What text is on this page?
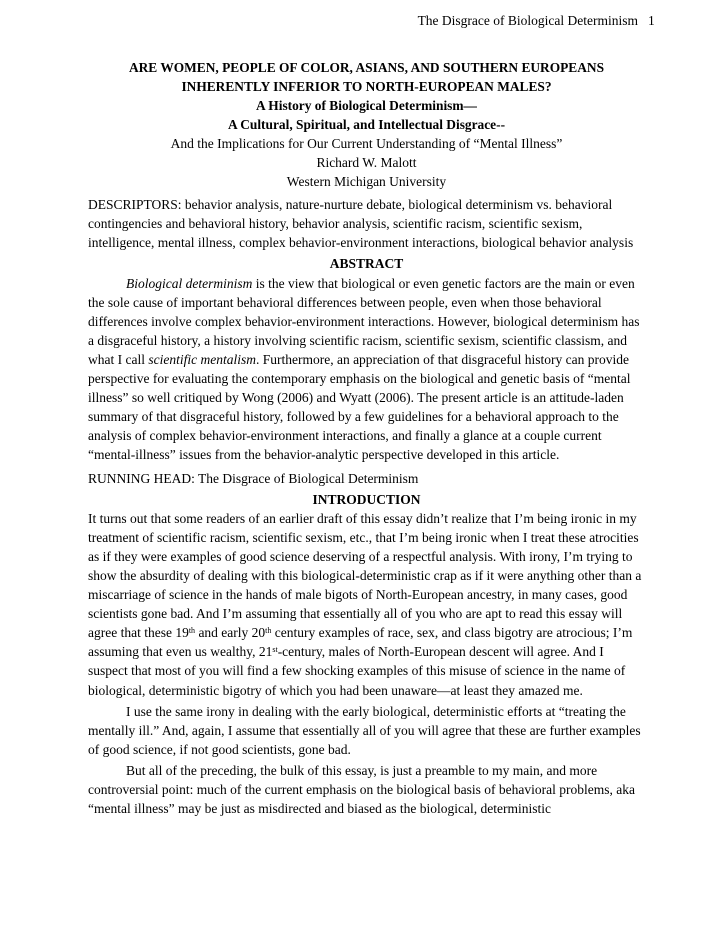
The Disgrace of Biological Determinism 1

ARE WOMEN, PEOPLE OF COLOR, ASIANS, AND SOUTHERN EUROPEANS

INHERENTLY INFERIOR TO NORTH-EUROPEAN MALES?

A History of Biological Determinism—

A Cultural, Spiritual, and Intellectual Disgrace--

And the Implications for Our Current Understanding of “Mental Illness”

Richard W. Malott

Western Michigan University

DESCRIPTORS: behavior analysis, nature-nurture debate, biological determinism vs. behavioral contingencies and behavioral history, behavior analysis, scientific racism, scientific sexism, intelligence, mental illness, complex behavior-environment interactions, biological behavior analysis

ABSTRACT

Biological determinism is the view that biological or even genetic factors are the main or even the sole cause of important behavioral differences between people, even when those behavioral differences involve complex behavior-environment interactions. However, biological determinism has a disgraceful history, a history involving scientific racism, scientific sexism, scientific classism, and what I call scientific mentalism. Furthermore, an appreciation of that disgraceful history can provide perspective for evaluating the contemporary emphasis on the biological and genetic basis of “mental illness” so well critiqued by Wong (2006) and Wyatt (2006). The present article is an attitude-laden summary of that disgraceful history, followed by a few guidelines for a behavioral approach to the analysis of complex behavior-environment interactions, and finally a glance at a couple current “mental-illness” issues from the behavior-analytic perspective developed in this article.

RUNNING HEAD: The Disgrace of Biological Determinism

INTRODUCTION

It turns out that some readers of an earlier draft of this essay didn’t realize that I’m being ironic in my treatment of scientific racism, scientific sexism, etc., that I’m being ironic when I treat these atrocities as if they were examples of good science deserving of a respectful analysis. With irony, I’m trying to show the absurdity of dealing with this biological-deterministic crap as if it were anything other than a miscarriage of science in the hands of male bigots of North-European ancestry, in many cases, good scientists gone bad. And I’m assuming that essentially all of you who are apt to read this essay will agree that these 19th and early 20th century examples of race, sex, and class bigotry are atrocious; I’m assuming that even us wealthy, 21st-century, males of North-European descent will agree. And I suspect that most of you will find a few shocking examples of this misuse of science in the name of biological, deterministic bigotry of which you had been unaware—at least they amazed me.

I use the same irony in dealing with the early biological, deterministic efforts at “treating the mentally ill.” And, again, I assume that essentially all of you will agree that these are further examples of good science, if not good scientists, gone bad.

But all of the preceding, the bulk of this essay, is just a preamble to my main, and more controversial point: much of the current emphasis on the biological basis of behavioral problems, aka “mental illness” may be just as misdirected and biased as the biological, deterministic
